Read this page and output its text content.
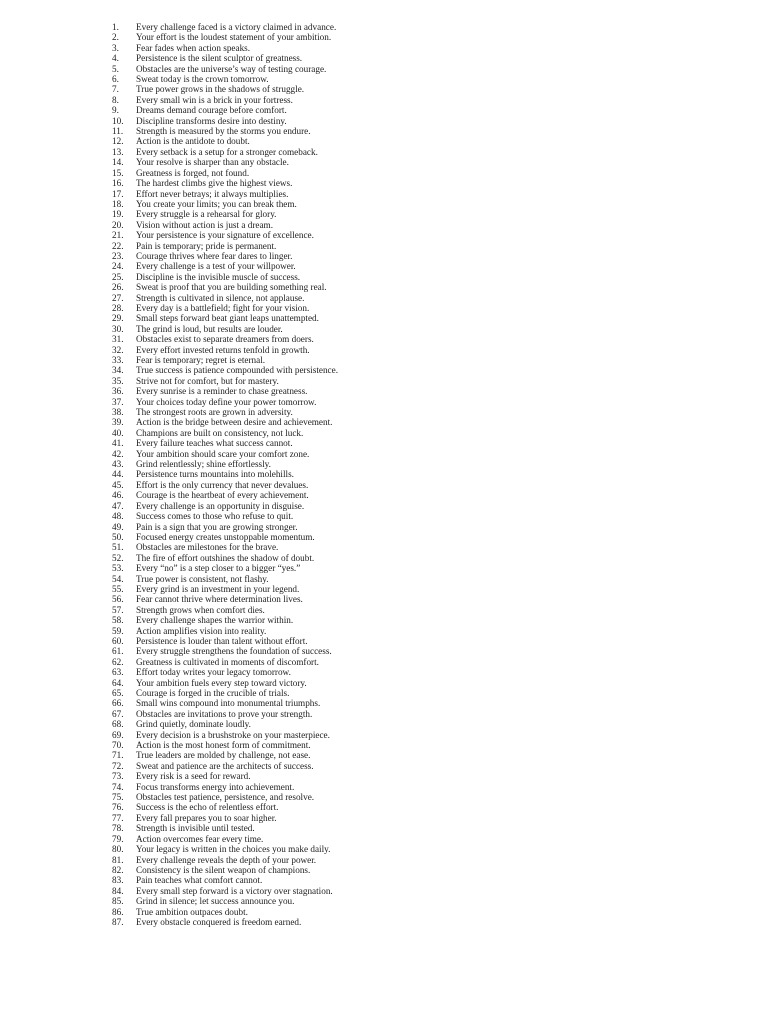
1.	Every challenge faced is a victory claimed in advance.
2.	Your effort is the loudest statement of your ambition.
3.	Fear fades when action speaks.
4.	Persistence is the silent sculptor of greatness.
5.	Obstacles are the universe’s way of testing courage.
6.	Sweat today is the crown tomorrow.
7.	True power grows in the shadows of struggle.
8.	Every small win is a brick in your fortress.
9.	Dreams demand courage before comfort.
10.	Discipline transforms desire into destiny.
11.	Strength is measured by the storms you endure.
12.	Action is the antidote to doubt.
13.	Every setback is a setup for a stronger comeback.
14.	Your resolve is sharper than any obstacle.
15.	Greatness is forged, not found.
16.	The hardest climbs give the highest views.
17.	Effort never betrays; it always multiplies.
18.	You create your limits; you can break them.
19.	Every struggle is a rehearsal for glory.
20.	Vision without action is just a dream.
21.	Your persistence is your signature of excellence.
22.	Pain is temporary; pride is permanent.
23.	Courage thrives where fear dares to linger.
24.	Every challenge is a test of your willpower.
25.	Discipline is the invisible muscle of success.
26.	Sweat is proof that you are building something real.
27.	Strength is cultivated in silence, not applause.
28.	Every day is a battlefield; fight for your vision.
29.	Small steps forward beat giant leaps unattempted.
30.	The grind is loud, but results are louder.
31.	Obstacles exist to separate dreamers from doers.
32.	Every effort invested returns tenfold in growth.
33.	Fear is temporary; regret is eternal.
34.	True success is patience compounded with persistence.
35.	Strive not for comfort, but for mastery.
36.	Every sunrise is a reminder to chase greatness.
37.	Your choices today define your power tomorrow.
38.	The strongest roots are grown in adversity.
39.	Action is the bridge between desire and achievement.
40.	Champions are built on consistency, not luck.
41.	Every failure teaches what success cannot.
42.	Your ambition should scare your comfort zone.
43.	Grind relentlessly; shine effortlessly.
44.	Persistence turns mountains into molehills.
45.	Effort is the only currency that never devalues.
46.	Courage is the heartbeat of every achievement.
47.	Every challenge is an opportunity in disguise.
48.	Success comes to those who refuse to quit.
49.	Pain is a sign that you are growing stronger.
50.	Focused energy creates unstoppable momentum.
51.	Obstacles are milestones for the brave.
52.	The fire of effort outshines the shadow of doubt.
53.	Every “no” is a step closer to a bigger “yes.”
54.	True power is consistent, not flashy.
55.	Every grind is an investment in your legend.
56.	Fear cannot thrive where determination lives.
57.	Strength grows when comfort dies.
58.	Every challenge shapes the warrior within.
59.	Action amplifies vision into reality.
60.	Persistence is louder than talent without effort.
61.	Every struggle strengthens the foundation of success.
62.	Greatness is cultivated in moments of discomfort.
63.	Effort today writes your legacy tomorrow.
64.	Your ambition fuels every step toward victory.
65.	Courage is forged in the crucible of trials.
66.	Small wins compound into monumental triumphs.
67.	Obstacles are invitations to prove your strength.
68.	Grind quietly, dominate loudly.
69.	Every decision is a brushstroke on your masterpiece.
70.	Action is the most honest form of commitment.
71.	True leaders are molded by challenge, not ease.
72.	Sweat and patience are the architects of success.
73.	Every risk is a seed for reward.
74.	Focus transforms energy into achievement.
75.	Obstacles test patience, persistence, and resolve.
76.	Success is the echo of relentless effort.
77.	Every fall prepares you to soar higher.
78.	Strength is invisible until tested.
79.	Action overcomes fear every time.
80.	Your legacy is written in the choices you make daily.
81.	Every challenge reveals the depth of your power.
82.	Consistency is the silent weapon of champions.
83.	Pain teaches what comfort cannot.
84.	Every small step forward is a victory over stagnation.
85.	Grind in silence; let success announce you.
86.	True ambition outpaces doubt.
87.	Every obstacle conquered is freedom earned.
